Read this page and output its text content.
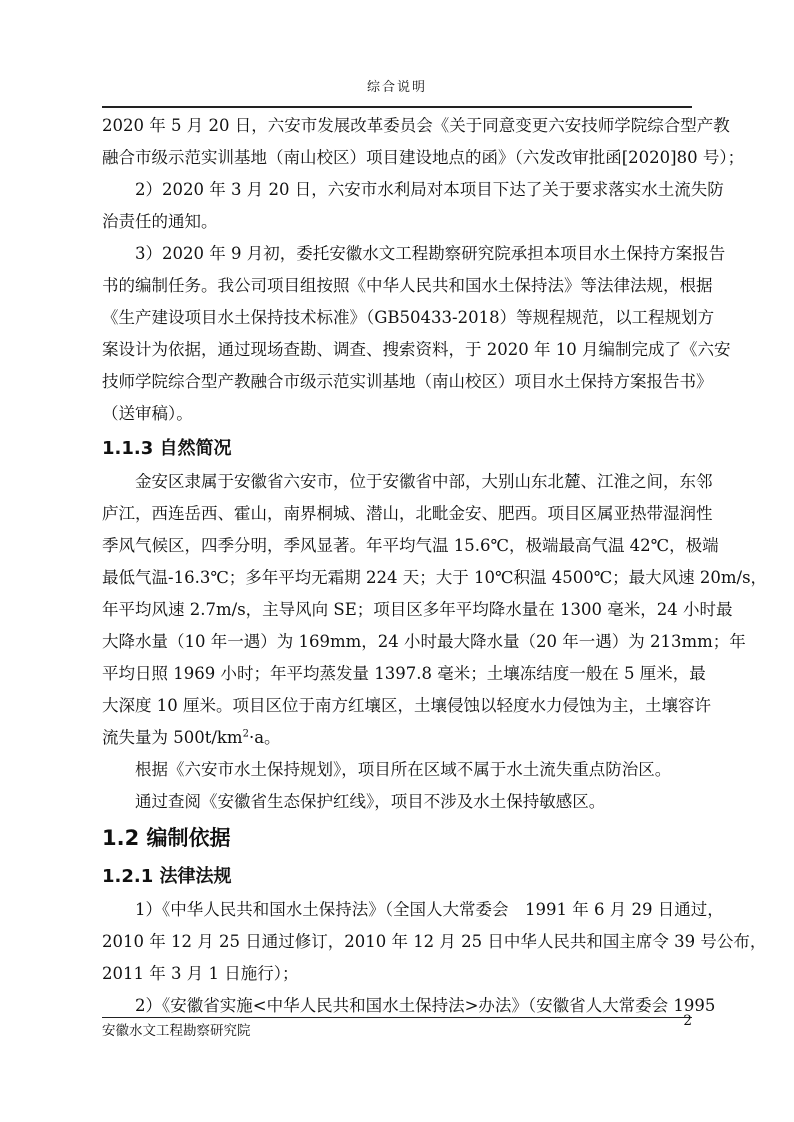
综合说明
2020 年 5 月 20 日，六安市发展改革委员会《关于同意变更六安技师学院综合型产教
融合市级示范实训基地（南山校区）项目建设地点的函》（六发改审批函[2020]80 号）；
2）2020 年 3 月 20 日，六安市水利局对本项目下达了关于要求落实水土流失防
治责任的通知。
3）2020 年 9 月初，委托安徽水文工程勘察研究院承担本项目水土保持方案报告
书的编制任务。我公司项目组按照《中华人民共和国水土保持法》等法律法规，根据
《生产建设项目水土保持技术标准》（GB50433-2018）等规程规范，以工程规划方
案设计为依据，通过现场查勘、调查、搜索资料，于 2020 年 10 月编制完成了《六安
技师学院综合型产教融合市级示范实训基地（南山校区）项目水土保持方案报告书》
（送审稿）。
1.1.3 自然简况
金安区隶属于安徽省六安市，位于安徽省中部，大别山东北麓、江淮之间，东邻
庐江，西连岳西、霍山，南界桐城、潜山，北毗金安、肥西。项目区属亚热带湿润性
季风气候区，四季分明，季风显著。年平均气温 15.6℃，极端最高气温 42℃，极端
最低气温-16.3℃；多年平均无霜期 224 天；大于 10℃积温 4500℃；最大风速 20m/s，
年平均风速 2.7m/s，主导风向 SE；项目区多年平均降水量在 1300 毫米，24 小时最
大降水量（10 年一遇）为 169mm，24 小时最大降水量（20 年一遇）为 213mm；年
平均日照 1969 小时；年平均蒸发量 1397.8 毫米；土壤冻结度一般在 5 厘米，最
大深度 10 厘米。项目区位于南方红壤区，土壤侵蚀以轻度水力侵蚀为主，土壤容许
流失量为 $500t/km^2\cdot a$。
根据《六安市水土保持规划》，项目所在区域不属于水土流失重点防治区。
通过查阅《安徽省生态保护红线》，项目不涉及水土保持敏感区。
1.2 编制依据
1.2.1 法律法规
1）《中华人民共和国水土保持法》（全国人大常委会　1991 年 6 月 29 日通过，
2010 年 12 月 25 日通过修订，2010 年 12 月 25 日中华人民共和国主席令 39 号公布，
2011 年 3 月 1 日施行）；
2）《安徽省实施<中华人民共和国水土保持法>办法》（安徽省人大常委会 1995
安徽水文工程勘察研究院
2
